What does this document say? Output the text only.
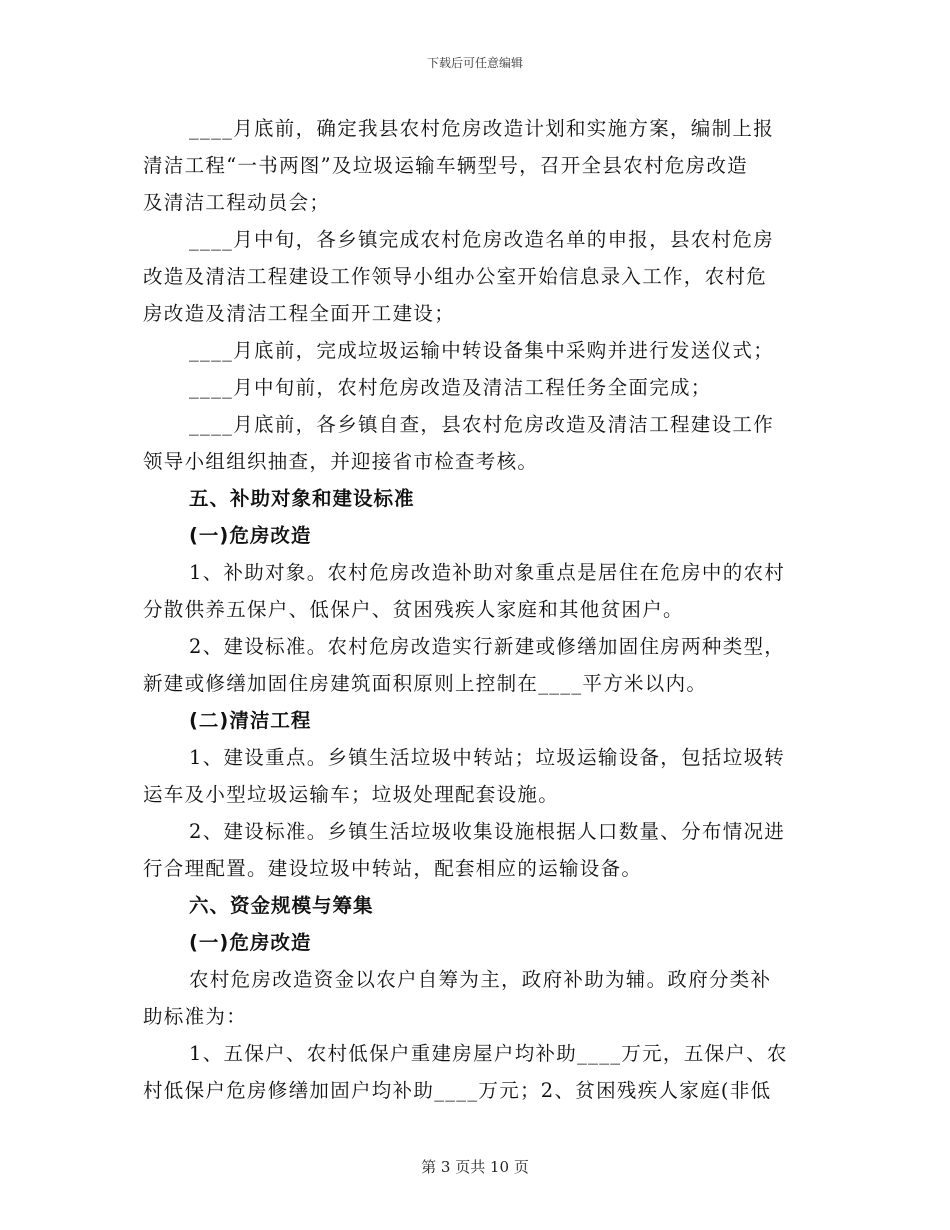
下载后可任意编辑
____月底前，确定我县农村危房改造计划和实施方案，编制上报
清洁工程“一书两图”及垃圾运输车辆型号，召开全县农村危房改造
及清洁工程动员会；
____月中旬，各乡镇完成农村危房改造名单的申报，县农村危房
改造及清洁工程建设工作领导小组办公室开始信息录入工作，农村危
房改造及清洁工程全面开工建设；
____月底前，完成垃圾运输中转设备集中采购并进行发送仪式；
____月中旬前，农村危房改造及清洁工程任务全面完成；
____月底前，各乡镇自查，县农村危房改造及清洁工程建设工作
领导小组组织抽查，并迎接省市检查考核。
五、补助对象和建设标准
(一)危房改造
1、补助对象。农村危房改造补助对象重点是居住在危房中的农村
分散供养五保户、低保户、贫困残疾人家庭和其他贫困户。
2、建设标准。农村危房改造实行新建或修缮加固住房两种类型，
新建或修缮加固住房建筑面积原则上控制在____平方米以内。
(二)清洁工程
1、建设重点。乡镇生活垃圾中转站；垃圾运输设备，包括垃圾转
运车及小型垃圾运输车；垃圾处理配套设施。
2、建设标准。乡镇生活垃圾收集设施根据人口数量、分布情况进
行合理配置。建设垃圾中转站，配套相应的运输设备。
六、资金规模与筹集
(一)危房改造
农村危房改造资金以农户自筹为主，政府补助为辅。政府分类补
助标准为：
1、五保户、农村低保户重建房屋户均补助____万元，五保户、农
村低保户危房修缮加固户均补助____万元；2、贫困残疾人家庭(非低
第 3 页共 10 页
